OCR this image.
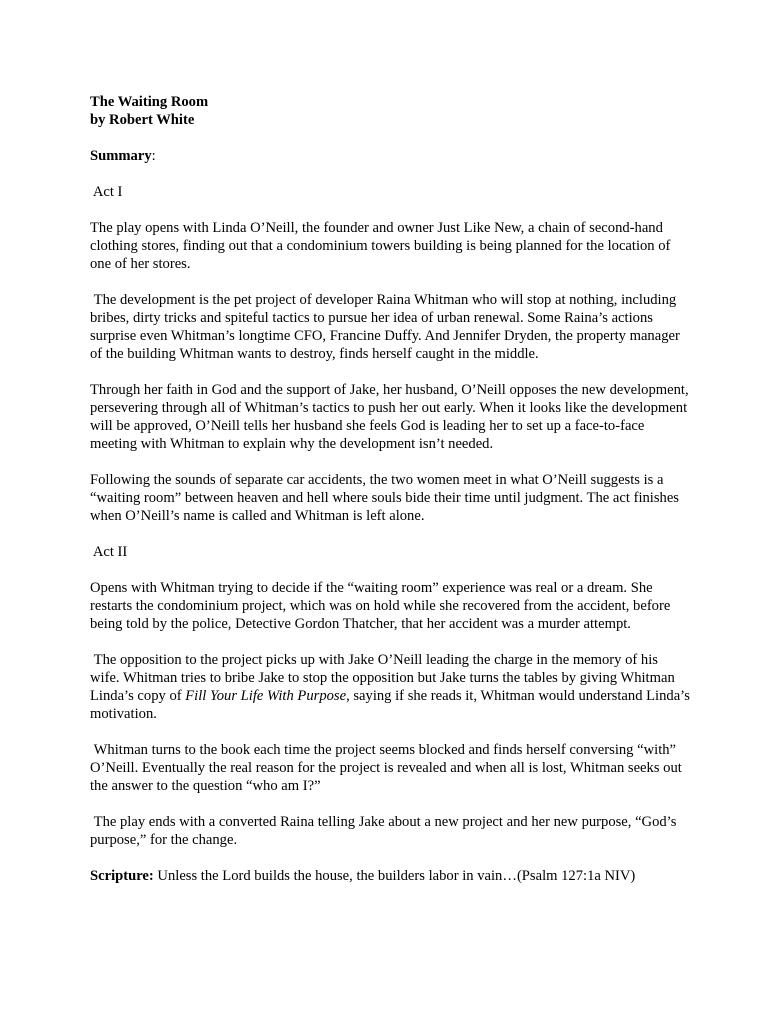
The Waiting Room

by Robert White

Summary:

Act I

The play opens with Linda O’Neill, the founder and owner Just Like New, a chain of second-hand clothing stores, finding out that a condominium towers building is being planned for the location of one of her stores.

The development is the pet project of developer Raina Whitman who will stop at nothing, including bribes, dirty tricks and spiteful tactics to pursue her idea of urban renewal. Some Raina’s actions surprise even Whitman’s longtime CFO, Francine Duffy. And Jennifer Dryden, the property manager of the building Whitman wants to destroy, finds herself caught in the middle.

Through her faith in God and the support of Jake, her husband, O’Neill opposes the new development, persevering through all of Whitman’s tactics to push her out early. When it looks like the development will be approved, O’Neill tells her husband she feels God is leading her to set up a face-to-face meeting with Whitman to explain why the development isn’t needed.

Following the sounds of separate car accidents, the two women meet in what O’Neill suggests is a “waiting room” between heaven and hell where souls bide their time until judgment. The act finishes when O’Neill’s name is called and Whitman is left alone.

Act II

Opens with Whitman trying to decide if the “waiting room” experience was real or a dream. She restarts the condominium project, which was on hold while she recovered from the accident, before being told by the police, Detective Gordon Thatcher, that her accident was a murder attempt.

The opposition to the project picks up with Jake O’Neill leading the charge in the memory of his wife. Whitman tries to bribe Jake to stop the opposition but Jake turns the tables by giving Whitman Linda’s copy of Fill Your Life With Purpose, saying if she reads it, Whitman would understand Linda’s motivation.

Whitman turns to the book each time the project seems blocked and finds herself conversing “with” O’Neill. Eventually the real reason for the project is revealed and when all is lost, Whitman seeks out the answer to the question “who am I?”

The play ends with a converted Raina telling Jake about a new project and her new purpose, “God’s purpose,” for the change.

Scripture: Unless the Lord builds the house, the builders labor in vain…(Psalm 127:1a NIV)
